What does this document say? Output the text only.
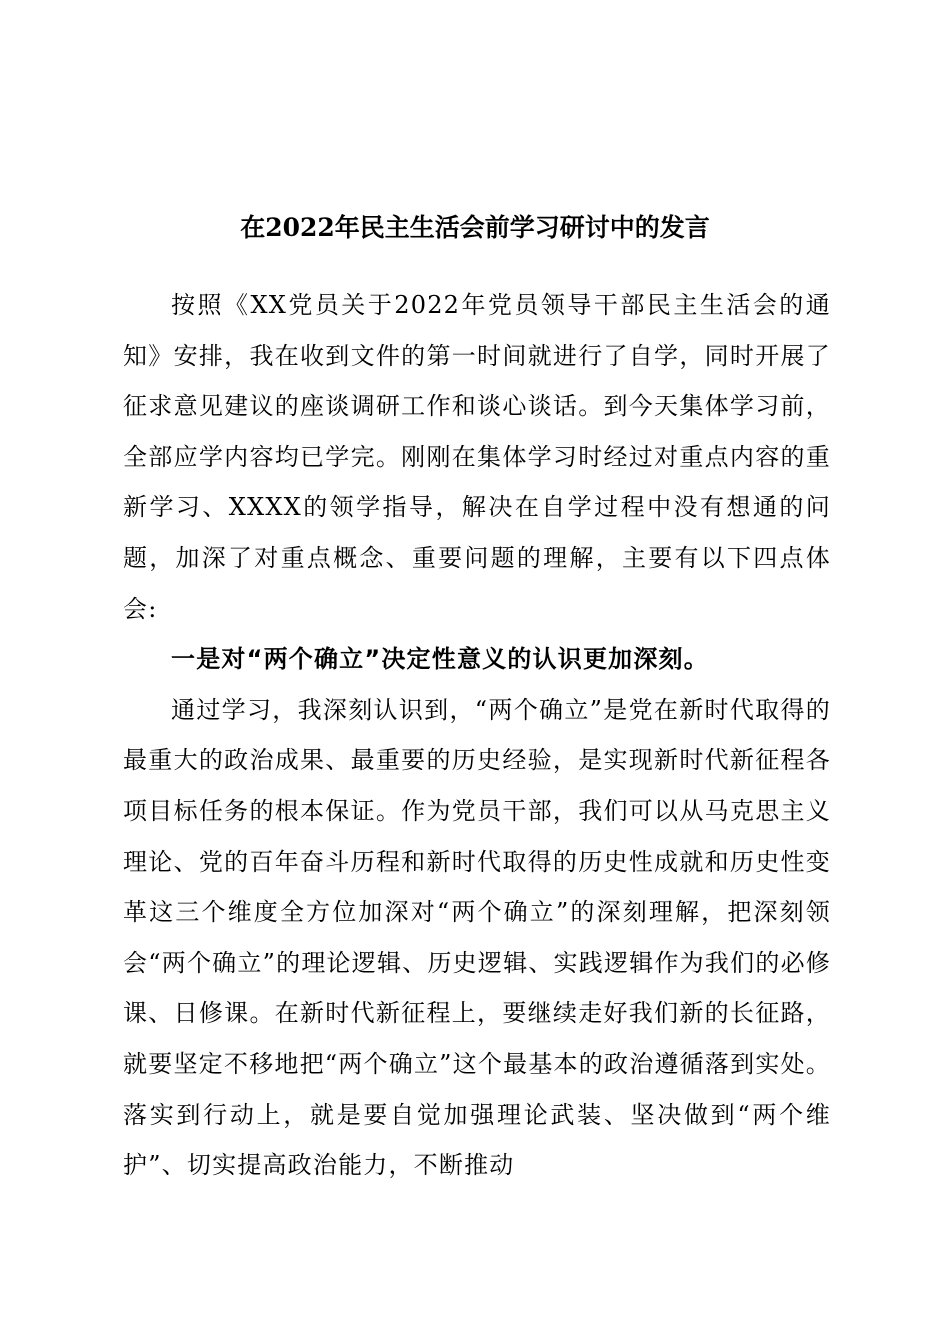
在2022年民主生活会前学习研讨中的发言

按照《XX党员关于2022年党员领导干部民主生活会的通知》安排，我在收到文件的第一时间就进行了自学，同时开展了征求意见建议的座谈调研工作和谈心谈话。到今天集体学习前，全部应学内容均已学完。刚刚在集体学习时经过对重点内容的重新学习、XXXX的领学指导，解决在自学过程中没有想通的问题，加深了对重点概念、重要问题的理解，主要有以下四点体会:

一是对“两个确立”决定性意义的认识更加深刻。

通过学习，我深刻认识到，“两个确立”是党在新时代取得的最重大的政治成果、最重要的历史经验，是实现新时代新征程各项目标任务的根本保证。作为党员干部，我们可以从马克思主义理论、党的百年奋斗历程和新时代取得的历史性成就和历史性变革这三个维度全方位加深对“两个确立”的深刻理解，把深刻领会“两个确立”的理论逻辑、历史逻辑、实践逻辑作为我们的必修课、日修课。在新时代新征程上，要继续走好我们新的长征路，就要坚定不移地把“两个确立”这个最基本的政治遵循落到实处。落实到行动上，就是要自觉加强理论武装、坚决做到“两个维护”、切实提高政治能力，不断推动
